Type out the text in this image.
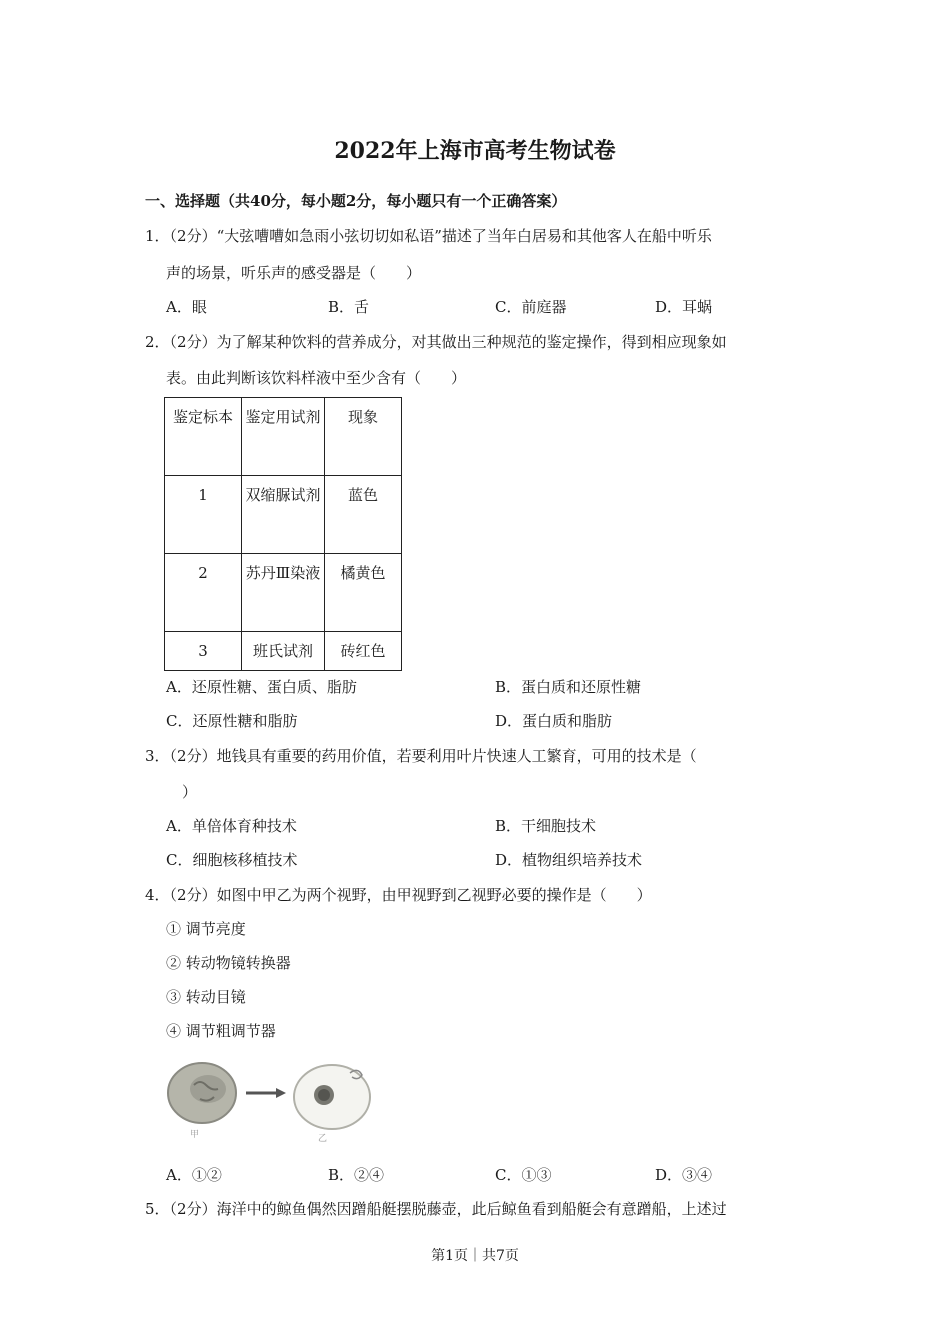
2022年上海市高考生物试卷
一、选择题（共40分，每小题2分，每小题只有一个正确答案）
1．（2分）“大弦嘈嘈如急雨小弦切切如私语”描述了当年白居易和其他客人在船中听乐
声的场景，听乐声的感受器是（　　）
A．眼	B．舌	C．前庭器	D．耳蜗
2．（2分）为了解某种饮料的营养成分，对其做出三种规范的鉴定操作，得到相应现象如
表。由此判断该饮料样液中至少含有（　　）
鉴定标本	鉴定用试剂	现象
1	双缩脲试剂	蓝色
2	苏丹Ⅲ染液	橘黄色
3	班氏试剂	砖红色
A．还原性糖、蛋白质、脂肪	B．蛋白质和还原性糖
C．还原性糖和脂肪	D．蛋白质和脂肪
3．（2分）地钱具有重要的药用价值，若要利用叶片快速人工繁育，可用的技术是（
）
A．单倍体育种技术	B．干细胞技术
C．细胞核移植技术	D．植物组织培养技术
4．（2分）如图中甲乙为两个视野，由甲视野到乙视野必要的操作是（　　）
① 调节亮度
② 转动物镜转换器
③ 转动目镜
④ 调节粗调节器
甲	乙
A．①②	B．②④	C．①③	D．③④
5．（2分）海洋中的鲸鱼偶然因蹭船艇摆脱藤壶，此后鲸鱼看到船艇会有意蹭船，上述过
第1页｜共7页
